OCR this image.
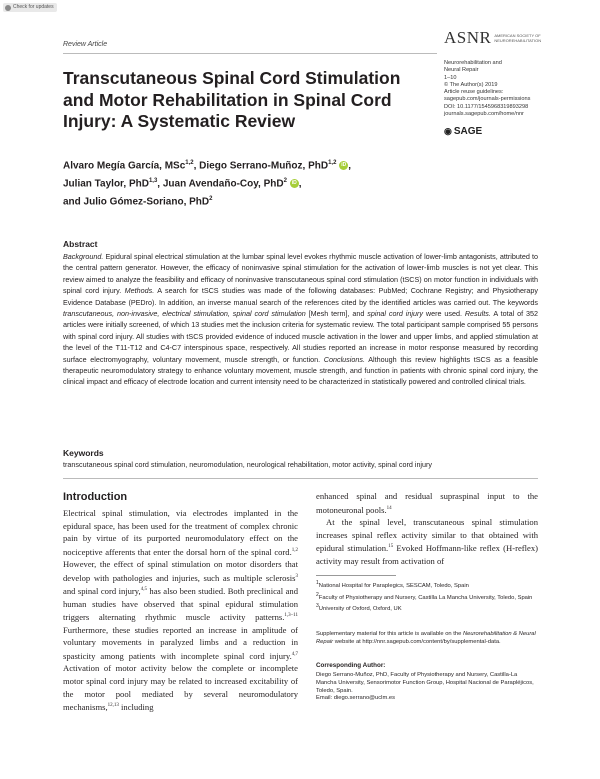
Check for updates
Review Article	ASNR AMERICAN SOCIETY OF NEUROREHABILITATION
Neurorehabilitation and
Neural Repair
1–10
© The Author(s) 2019
Article reuse guidelines:
sagepub.com/journals-permissions
DOI: 10.1177/1545968319893298
journals.sagepub.com/home/nnr
◉ SAGE
Transcutaneous Spinal Cord Stimulation and Motor Rehabilitation in Spinal Cord Injury: A Systematic Review
Alvaro Megía García, MSc$^{1,2}$, Diego Serrano-Muñoz, PhD$^{1,2}$ iD ,
Julian Taylor, PhD$^{1,3}$, Juan Avendaño-Coy, PhD$^2$ iD ,
and Julio Gómez-Soriano, PhD$^2$
Abstract
Background. Epidural spinal electrical stimulation at the lumbar spinal level evokes rhythmic muscle activation of lower-limb antagonists, attributed to the central pattern generator. However, the efficacy of noninvasive spinal stimulation for the activation of lower-limb muscles is not yet clear. This review aimed to analyze the feasibility and efficacy of noninvasive transcutaneous spinal cord stimulation (tSCS) on motor function in individuals with spinal cord injury. Methods. A search for tSCS studies was made of the following databases: PubMed; Cochrane Registry; and Physiotherapy Evidence Database (PEDro). In addition, an inverse manual search of the references cited by the identified articles was carried out. The keywords transcutaneous, non-invasive, electrical stimulation, spinal cord stimulation [Mesh term], and spinal cord injury were used. Results. A total of 352 articles were initially screened, of which 13 studies met the inclusion criteria for systematic review. The total participant sample comprised 55 persons with spinal cord injury. All studies with tSCS provided evidence of induced muscle activation in the lower and upper limbs, and applied stimulation at the level of the T11-T12 and C4-C7 interspinous space, respectively. All studies reported an increase in motor response measured by recording surface electromyography, voluntary movement, muscle strength, or function. Conclusions. Although this review highlights tSCS as a feasible therapeutic neuromodulatory strategy to enhance voluntary movement, muscle strength, and function in patients with chronic spinal cord injury, the clinical impact and efficacy of electrode location and current intensity need to be characterized in statistically powered and controlled clinical trials.
Keywords
transcutaneous spinal cord stimulation, neuromodulation, neurological rehabilitation, motor activity, spinal cord injury
Introduction
Electrical spinal stimulation, via electrodes implanted in the epidural space, has been used for the treatment of complex chronic pain by virtue of its purported neuromodulatory effect on the nociceptive afferents that enter the dorsal horn of the spinal cord.$^{1,2}$ However, the effect of spinal stimulation on motor disorders that develop with pathologies and injuries, such as multiple sclerosis$^3$ and spinal cord injury,$^{4,5}$ has also been studied. Both preclinical and human studies have observed that spinal epidural stimulation triggers alternating rhythmic muscle activity patterns.$^{1,3-11}$ Furthermore, these studies reported an increase in amplitude of voluntary movements in paralyzed limbs and a reduction in spasticity among patients with incomplete spinal cord injury.$^{4,7}$ Activation of motor activity below the complete or incomplete motor spinal cord injury may be related to increased excitability of the motor pool mediated by several neuromodulatory mechanisms,$^{12,13}$ including
enhanced spinal and residual supraspinal input to the motoneuronal pools.$^{14}$
At the spinal level, transcutaneous spinal stimulation increases spinal reflex activity similar to that obtained with epidural stimulation.$^{15}$ Evoked Hoffmann-like reflex (H-reflex) activity may result from activation of

$^1$National Hospital for Paraplegics, SESCAM, Toledo, Spain

$^2$Faculty of Physiotherapy and Nursery, Castilla La Mancha University, Toledo, Spain

$^3$University of Oxford, Oxford, UK

Supplementary material for this article is available on the Neurorehabilitation & Neural Repair website at http://nnr.sagepub.com/content/by/supplemental-data.
Corresponding Author:
Diego Serrano-Muñoz, PhD, Faculty of Physiotherapy and Nursery, Castilla-La Mancha University, Sensorimotor Function Group, Hospital Nacional de Parapléjicos, Toledo, Spain.
Email: diego.serrano@uclm.es
